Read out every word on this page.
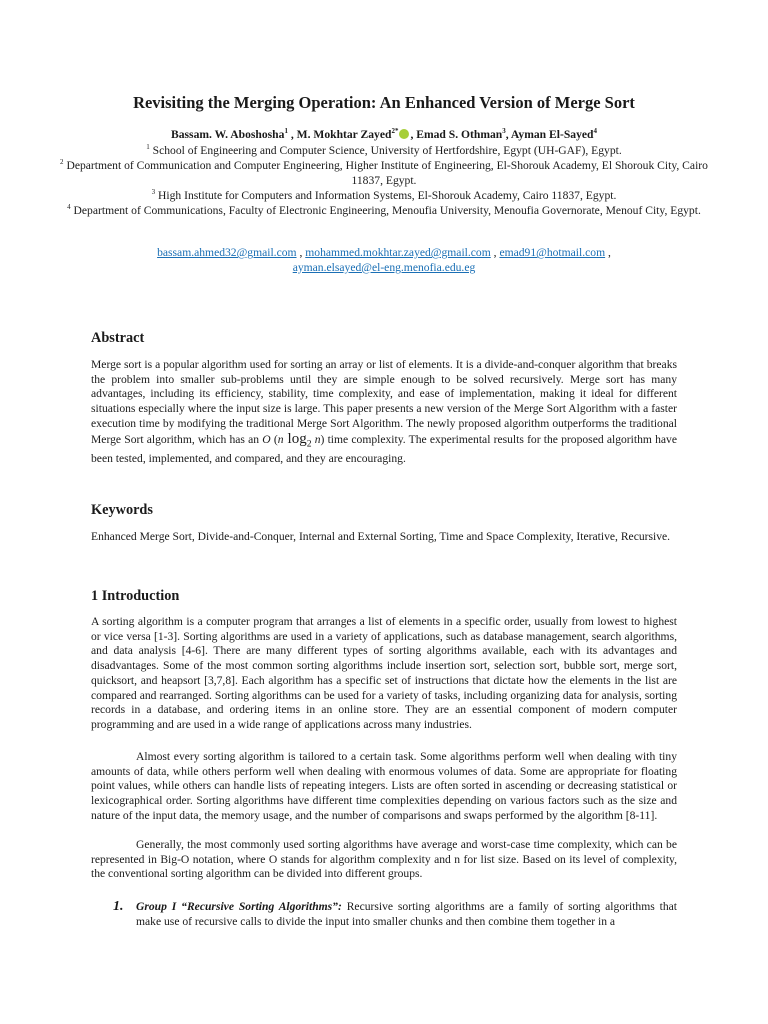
Revisiting the Merging Operation: An Enhanced Version of Merge Sort
Bassam. W. Aboshosha$^1$ , M. Mokhtar Zayed$^{2*}$ , Emad S. Othman$^3$, Ayman El-Sayed$^4$
$^1$ School of Engineering and Computer Science, University of Hertfordshire, Egypt (UH-GAF), Egypt.
$^2$ Department of Communication and Computer Engineering, Higher Institute of Engineering, El-Shorouk Academy, El Shorouk City, Cairo 11837, Egypt.
$^3$ High Institute for Computers and Information Systems, El-Shorouk Academy, Cairo 11837, Egypt.
$^4$ Department of Communications, Faculty of Electronic Engineering, Menoufia University, Menoufia Governorate, Menouf City, Egypt.
bassam.ahmed32@gmail.com , mohammed.mokhtar.zayed@gmail.com , emad91@hotmail.com ,
ayman.elsayed@el-eng.menofia.edu.eg
Abstract
Merge sort is a popular algorithm used for sorting an array or list of elements. It is a divide-and-conquer algorithm that breaks the problem into smaller sub-problems until they are simple enough to be solved recursively. Merge sort has many advantages, including its efficiency, stability, time complexity, and ease of implementation, making it ideal for different situations especially where the input size is large. This paper presents a new version of the Merge Sort Algorithm with a faster execution time by modifying the traditional Merge Sort Algorithm. The newly proposed algorithm outperforms the traditional Merge Sort algorithm, which has an O (n $\log_2 n$) time complexity. The experimental results for the proposed algorithm have been tested, implemented, and compared, and they are encouraging.
Keywords
Enhanced Merge Sort, Divide-and-Conquer, Internal and External Sorting, Time and Space Complexity, Iterative, Recursive.
1 Introduction
A sorting algorithm is a computer program that arranges a list of elements in a specific order, usually from lowest to highest or vice versa [1-3]. Sorting algorithms are used in a variety of applications, such as database management, search algorithms, and data analysis [4-6]. There are many different types of sorting algorithms available, each with its advantages and disadvantages. Some of the most common sorting algorithms include insertion sort, selection sort, bubble sort, merge sort, quicksort, and heapsort [3,7,8]. Each algorithm has a specific set of instructions that dictate how the elements in the list are compared and rearranged. Sorting algorithms can be used for a variety of tasks, including organizing data for analysis, sorting records in a database, and ordering items in an online store. They are an essential component of modern computer programming and are used in a wide range of applications across many industries.
Almost every sorting algorithm is tailored to a certain task. Some algorithms perform well when dealing with tiny amounts of data, while others perform well when dealing with enormous volumes of data. Some are appropriate for floating point values, while others can handle lists of repeating integers. Lists are often sorted in ascending or decreasing statistical or lexicographical order. Sorting algorithms have different time complexities depending on various factors such as the size and nature of the input data, the memory usage, and the number of comparisons and swaps performed by the algorithm [8-11].
Generally, the most commonly used sorting algorithms have average and worst-case time complexity, which can be represented in Big-O notation, where O stands for algorithm complexity and n for list size. Based on its level of complexity, the conventional sorting algorithm can be divided into different groups.
1. Group I “Recursive Sorting Algorithms”: Recursive sorting algorithms are a family of sorting algorithms that make use of recursive calls to divide the input into smaller chunks and then combine them together in a
